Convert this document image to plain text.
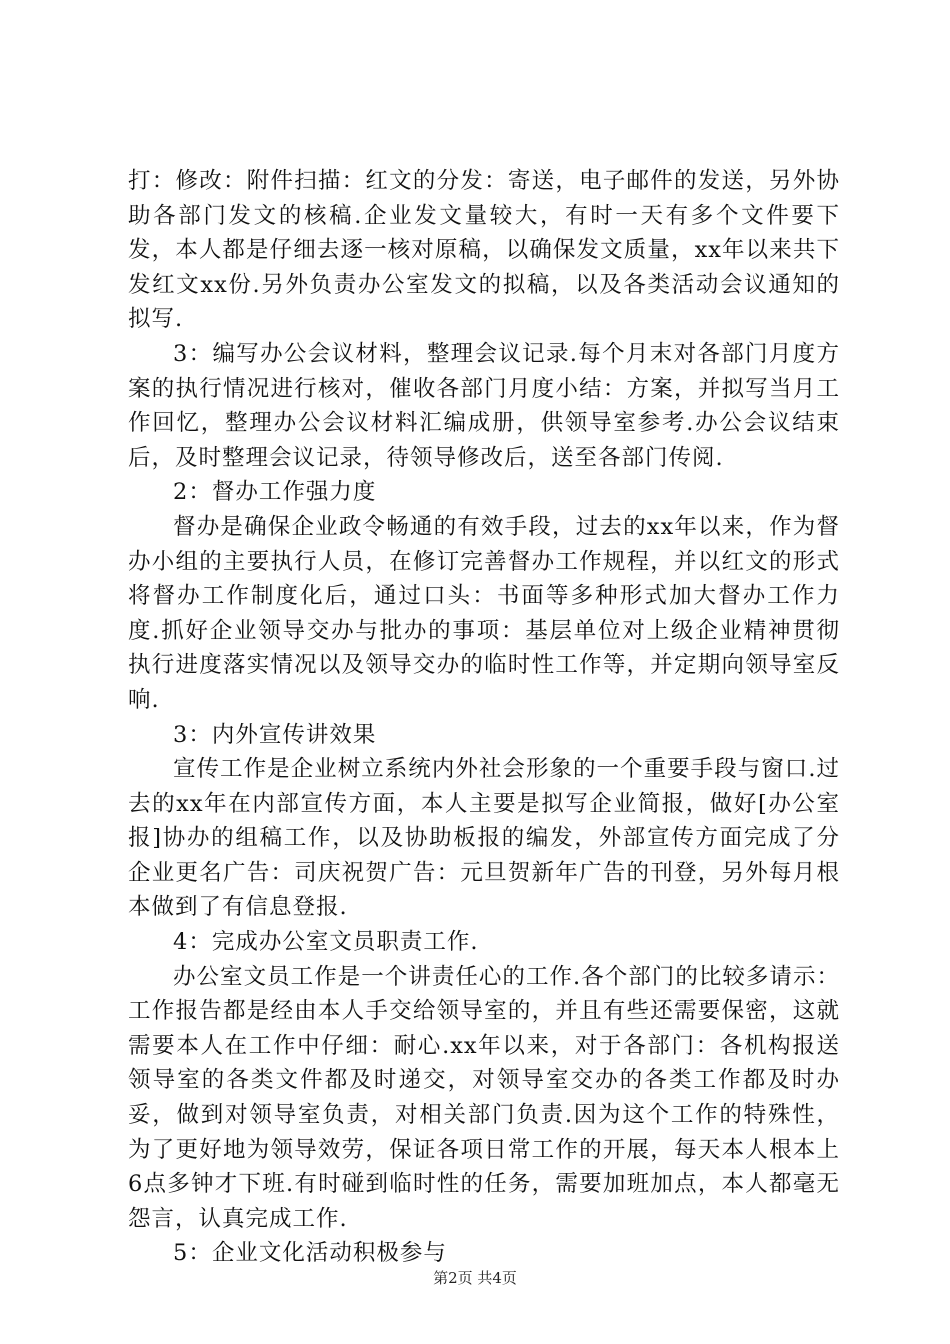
打：修改：附件扫描：红文的分发：寄送，电子邮件的发送，另外协助各部门发文的核稿.企业发文量较大，有时一天有多个文件要下发，本人都是仔细去逐一核对原稿，以确保发文质量，xx年以来共下发红文xx份.另外负责办公室发文的拟稿，以及各类活动会议通知的拟写.

3：编写办公会议材料，整理会议记录.每个月末对各部门月度方案的执行情况进行核对，催收各部门月度小结：方案，并拟写当月工作回忆，整理办公会议材料汇编成册，供领导室参考.办公会议结束后，及时整理会议记录，待领导修改后，送至各部门传阅.

2：督办工作强力度

督办是确保企业政令畅通的有效手段，过去的xx年以来，作为督办小组的主要执行人员，在修订完善督办工作规程，并以红文的形式将督办工作制度化后，通过口头：书面等多种形式加大督办工作力度.抓好企业领导交办与批办的事项：基层单位对上级企业精神贯彻执行进度落实情况以及领导交办的临时性工作等，并定期向领导室反响.

3：内外宣传讲效果

宣传工作是企业树立系统内外社会形象的一个重要手段与窗口.过去的xx年在内部宣传方面，本人主要是拟写企业简报，做好[办公室报]协办的组稿工作，以及协助板报的编发，外部宣传方面完成了分企业更名广告：司庆祝贺广告：元旦贺新年广告的刊登，另外每月根本做到了有信息登报.

4：完成办公室文员职责工作.

办公室文员工作是一个讲责任心的工作.各个部门的比较多请示：工作报告都是经由本人手交给领导室的，并且有些还需要保密，这就需要本人在工作中仔细：耐心.xx年以来，对于各部门：各机构报送领导室的各类文件都及时递交，对领导室交办的各类工作都及时办妥，做到对领导室负责，对相关部门负责.因为这个工作的特殊性，为了更好地为领导效劳，保证各项日常工作的开展，每天本人根本上6点多钟才下班.有时碰到临时性的任务，需要加班加点，本人都毫无怨言，认真完成工作.

5：企业文化活动积极参与

第2页 共4页
